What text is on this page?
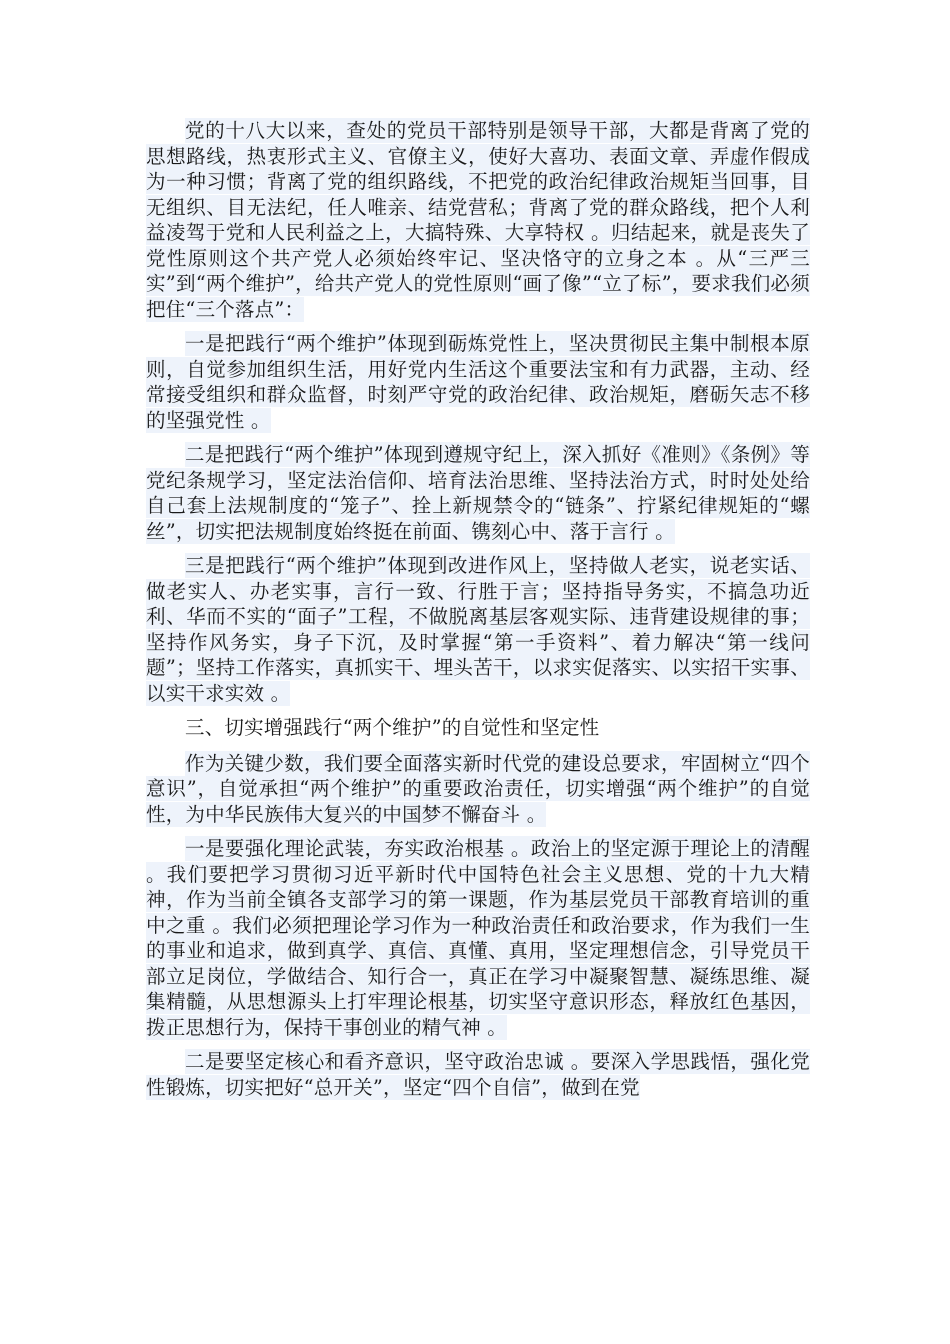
党的十八大以来，查处的党员干部特别是领导干部，大都是背离了党的思想路线，热衷形式主义、官僚主义，使好大喜功、表面文章、弄虚作假成为一种习惯；背离了党的组织路线，不把党的政治纪律政治规矩当回事，目无组织、目无法纪，任人唯亲、结党营私；背离了党的群众路线，把个人利益凌驾于党和人民利益之上，大搞特殊、大享特权 。归结起来，就是丧失了党性原则这个共产党人必须始终牢记、坚决恪守的立身之本 。从“三严三实”到“两个维护”，给共产党人的党性原则“画了像”“立了标”，要求我们必须把住“三个落点”：

一是把践行“两个维护”体现到砺炼党性上，坚决贯彻民主集中制根本原则，自觉参加组织生活，用好党内生活这个重要法宝和有力武器，主动、经常接受组织和群众监督，时刻严守党的政治纪律、政治规矩，磨砺矢志不移的坚强党性 。

二是把践行“两个维护”体现到遵规守纪上，深入抓好《准则》《条例》等党纪条规学习，坚定法治信仰、培育法治思维、坚持法治方式，时时处处给自己套上法规制度的“笼子”、拴上新规禁令的“链条”、拧紧纪律规矩的“螺丝”，切实把法规制度始终挺在前面、镌刻心中、落于言行 。

三是把践行“两个维护”体现到改进作风上，坚持做人老实，说老实话、做老实人、办老实事，言行一致、行胜于言；坚持指导务实，不搞急功近利、华而不实的“面子”工程，不做脱离基层客观实际、违背建设规律的事；坚持作风务实，身子下沉，及时掌握“第一手资料”、着力解决“第一线问题”；坚持工作落实，真抓实干、埋头苦干，以求实促落实、以实招干实事、以实干求实效 。

三、切实增强践行“两个维护”的自觉性和坚定性

作为关键少数，我们要全面落实新时代党的建设总要求，牢固树立“四个意识”，自觉承担“两个维护”的重要政治责任，切实增强“两个维护”的自觉性，为中华民族伟大复兴的中国梦不懈奋斗 。

一是要强化理论武装，夯实政治根基 。政治上的坚定源于理论上的清醒 。我们要把学习贯彻习近平新时代中国特色社会主义思想、党的十九大精神，作为当前全镇各支部学习的第一课题，作为基层党员干部教育培训的重中之重 。我们必须把理论学习作为一种政治责任和政治要求，作为我们一生的事业和追求，做到真学、真信、真懂、真用，坚定理想信念，引导党员干部立足岗位，学做结合、知行合一，真正在学习中凝聚智慧、凝练思维、凝集精髓，从思想源头上打牢理论根基，切实坚守意识形态，释放红色基因，拨正思想行为，保持干事创业的精气神 。

二是要坚定核心和看齐意识，坚守政治忠诚 。要深入学思践悟，强化党性锻炼，切实把好“总开关”，坚定“四个自信”，做到在党
